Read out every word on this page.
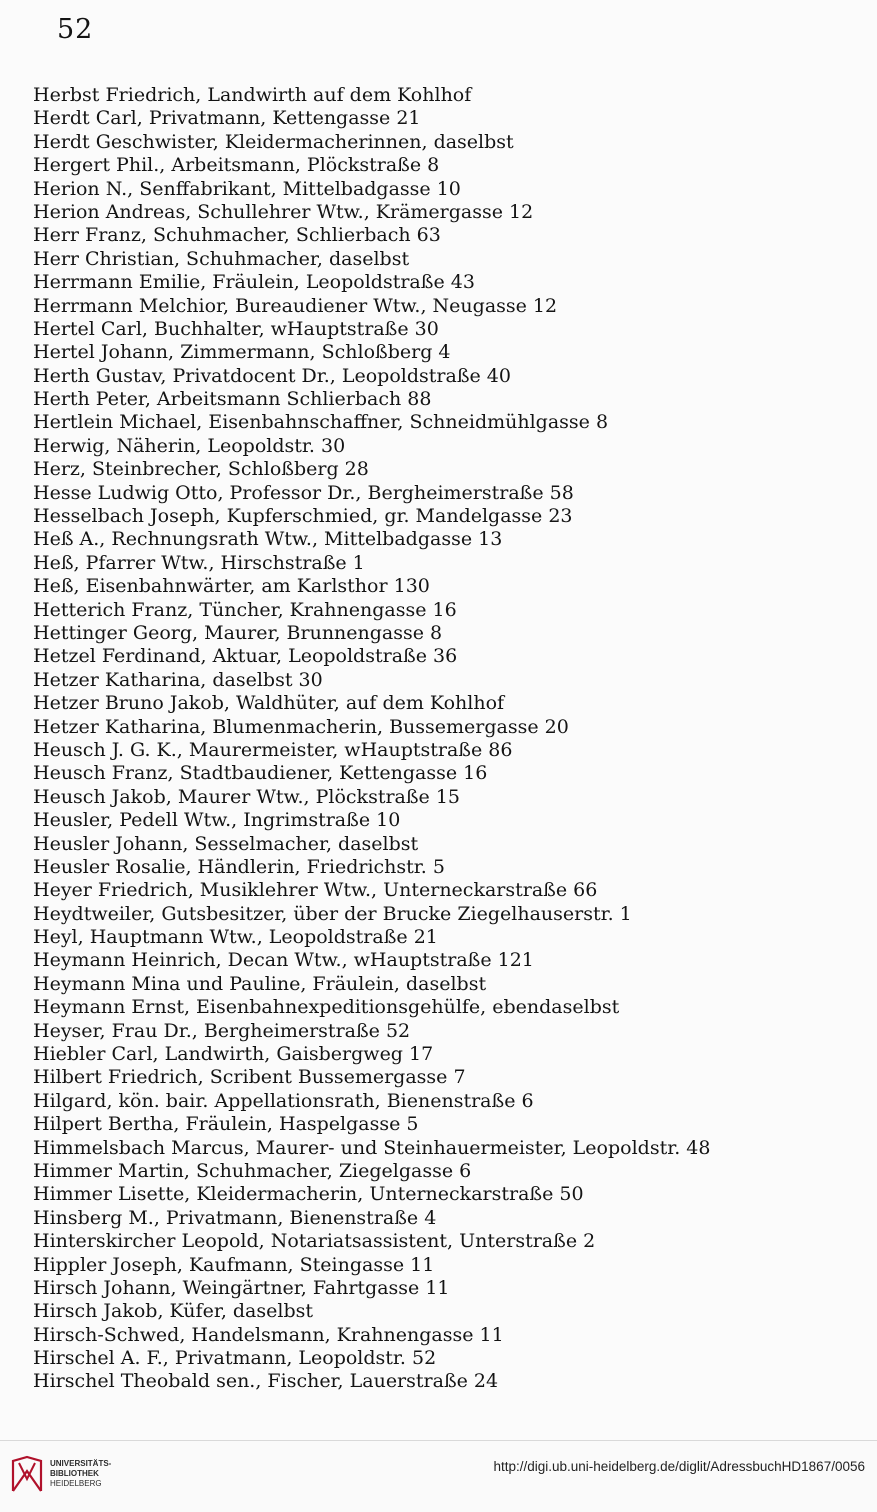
52
Herbst Friedrich, Landwirth auf dem Kohlhof
Herdt Carl, Privatmann, Kettengasse 21
Herdt Geschwister, Kleidermacherinnen, daselbst
Hergert Phil., Arbeitsmann, Plöckstraße 8
Herion N., Senffabrikant, Mittelbadgasse 10
Herion Andreas, Schullehrer Wtw., Krämergasse 12
Herr Franz, Schuhmacher, Schlierbach 63
Herr Christian, Schuhmacher, daselbst
Herrmann Emilie, Fräulein, Leopoldstraße 43
Herrmann Melchior, Bureaudiener Wtw., Neugasse 12
Hertel Carl, Buchhalter, wHauptstraße 30
Hertel Johann, Zimmermann, Schloßberg 4
Herth Gustav, Privatdocent Dr., Leopoldstraße 40
Herth Peter, Arbeitsmann Schlierbach 88
Hertlein Michael, Eisenbahnschaffner, Schneidmühlgasse 8
Herwig, Näherin, Leopoldstr. 30
Herz, Steinbrecher, Schloßberg 28
Hesse Ludwig Otto, Professor Dr., Bergheimerstraße 58
Hesselbach Joseph, Kupferschmied, gr. Mandelgasse 23
Heß A., Rechnungsrath Wtw., Mittelbadgasse 13
Heß, Pfarrer Wtw., Hirschstraße 1
Heß, Eisenbahnwärter, am Karlsthor 130
Hetterich Franz, Tüncher, Krahnengasse 16
Hettinger Georg, Maurer, Brunnengasse 8
Hetzel Ferdinand, Aktuar, Leopoldstraße 36
Hetzer Katharina, daselbst 30
Hetzer Bruno Jakob, Waldhüter, auf dem Kohlhof
Hetzer Katharina, Blumenmacherin, Bussemergasse 20
Heusch J. G. K., Maurermeister, wHauptstraße 86
Heusch Franz, Stadtbaudiener, Kettengasse 16
Heusch Jakob, Maurer Wtw., Plöckstraße 15
Heusler, Pedell Wtw., Ingrimstraße 10
Heusler Johann, Sesselmacher, daselbst
Heusler Rosalie, Händlerin, Friedrichstr. 5
Heyer Friedrich, Musiklehrer Wtw., Unterneckarstraße 66
Heydtweiler, Gutsbesitzer, über der Brucke Ziegelhauserstr. 1
Heyl, Hauptmann Wtw., Leopoldstraße 21
Heymann Heinrich, Decan Wtw., wHauptstraße 121
Heymann Mina und Pauline, Fräulein, daselbst
Heymann Ernst, Eisenbahnexpeditionsgehülfe, ebendaselbst
Heyser, Frau Dr., Bergheimerstraße 52
Hiebler Carl, Landwirth, Gaisbergweg 17
Hilbert Friedrich, Scribent Bussemergasse 7
Hilgard, kön. bair. Appellationsrath, Bienenstraße 6
Hilpert Bertha, Fräulein, Haspelgasse 5
Himmelsbach Marcus, Maurer- und Steinhauermeister, Leopoldstr. 48
Himmer Martin, Schuhmacher, Ziegelgasse 6
Himmer Lisette, Kleidermacherin, Unterneckarstraße 50
Hinsberg M., Privatmann, Bienenstraße 4
Hinterskircher Leopold, Notariatsassistent, Unterstraße 2
Hippler Joseph, Kaufmann, Steingasse 11
Hirsch Johann, Weingärtner, Fahrtgasse 11
Hirsch Jakob, Küfer, daselbst
Hirsch-Schwed, Handelsmann, Krahnengasse 11
Hirschel A. F., Privatmann, Leopoldstr. 52
Hirschel Theobald sen., Fischer, Lauerstraße 24
UNIVERSITÄTS-
BIBLIOTHEK
HEIDELBERG
http://digi.ub.uni-heidelberg.de/diglit/AdressbuchHD1867/0056
